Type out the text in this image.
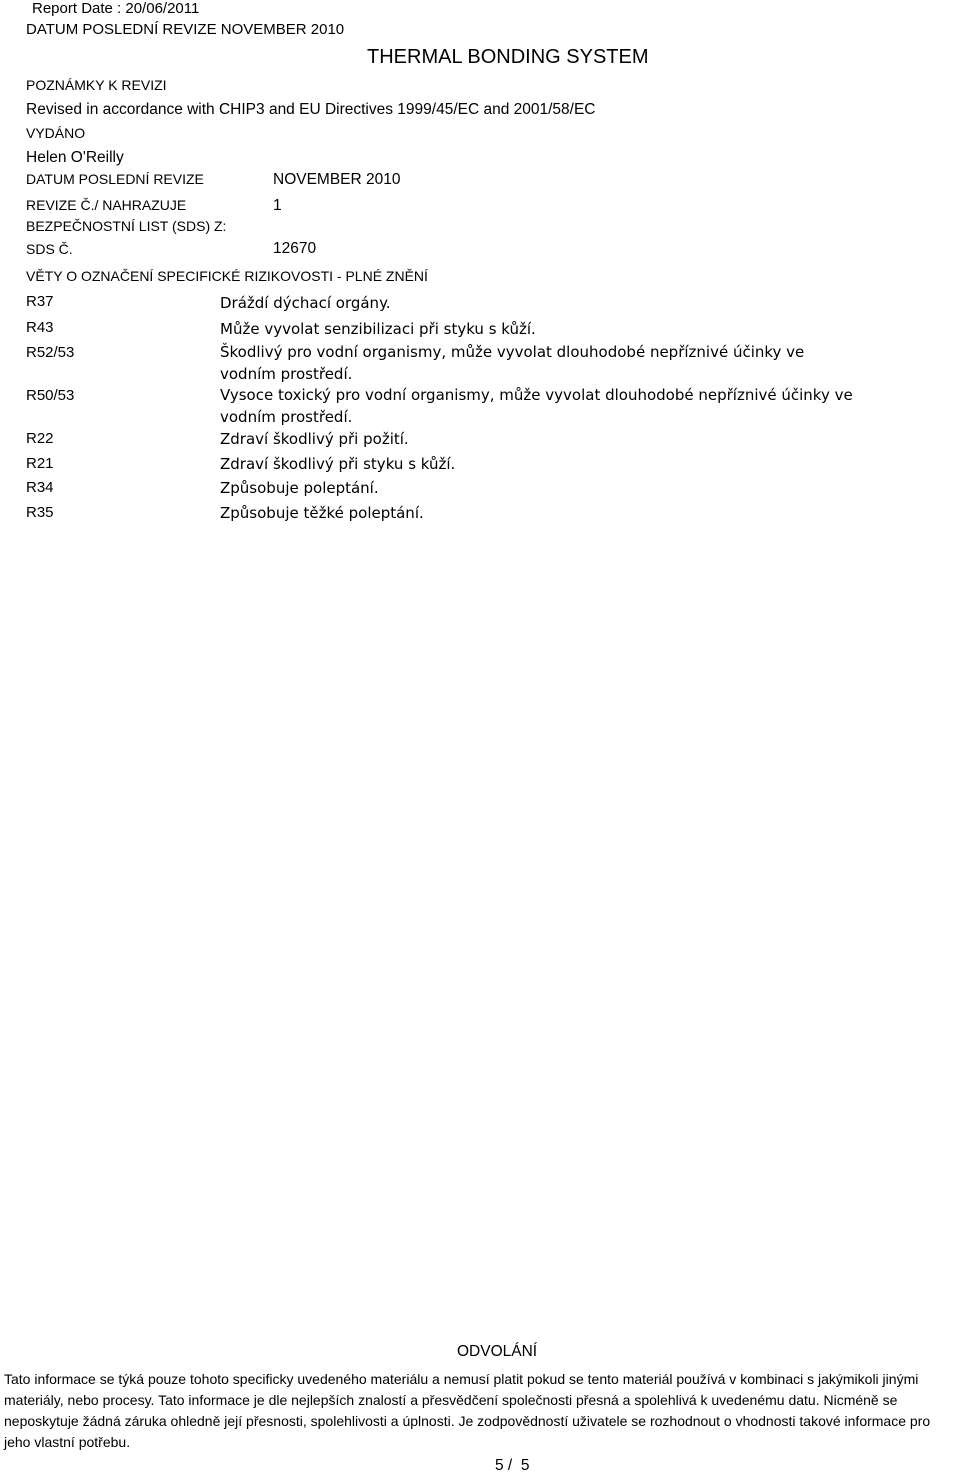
Report Date : 20/06/2011
DATUM POSLEDNÍ REVIZE NOVEMBER 2010
THERMAL BONDING SYSTEM
POZNÁMKY K REVIZI
Revised in accordance with CHIP3 and EU Directives 1999/45/EC and 2001/58/EC
VYDÁNO
Helen O'Reilly
DATUM POSLEDNÍ REVIZE	NOVEMBER 2010
REVIZE Č./ NAHRAZUJE	1
BEZPEČNOSTNÍ LIST (SDS) Z:
SDS Č.	12670
VĚTY O OZNAČENÍ SPECIFICKÉ RIZIKOVOSTI - PLNÉ ZNĚNÍ
R37	Dráždí dýchací orgány.
R43	Může vyvolat senzibilizaci při styku s kůží.
R52/53	Škodlivý pro vodní organismy, může vyvolat dlouhodobé nepříznivé účinky ve vodním prostředí.
R50/53	Vysoce toxický pro vodní organismy, může vyvolat dlouhodobé nepříznivé účinky ve vodním prostředí.
R22	Zdraví škodlivý při požití.
R21	Zdraví škodlivý při styku s kůží.
R34	Způsobuje poleptání.
R35	Způsobuje těžké poleptání.
ODVOLÁNÍ
Tato informace se týká pouze tohoto specificky uvedeného materiálu a nemusí platit pokud se tento materiál používá v kombinaci s jakýmikoli jinými materiály, nebo procesy. Tato informace je dle nejlepších znalostí a přesvědčení společnosti přesná a spolehlivá k uvedenému datu. Nicméně se neposkytuje žádná záruka ohledně její přesnosti, spolehlivosti a úplnosti. Je zodpovědností uživatele se rozhodnout o vhodnosti takové informace pro jeho vlastní potřebu.
5 /  5
